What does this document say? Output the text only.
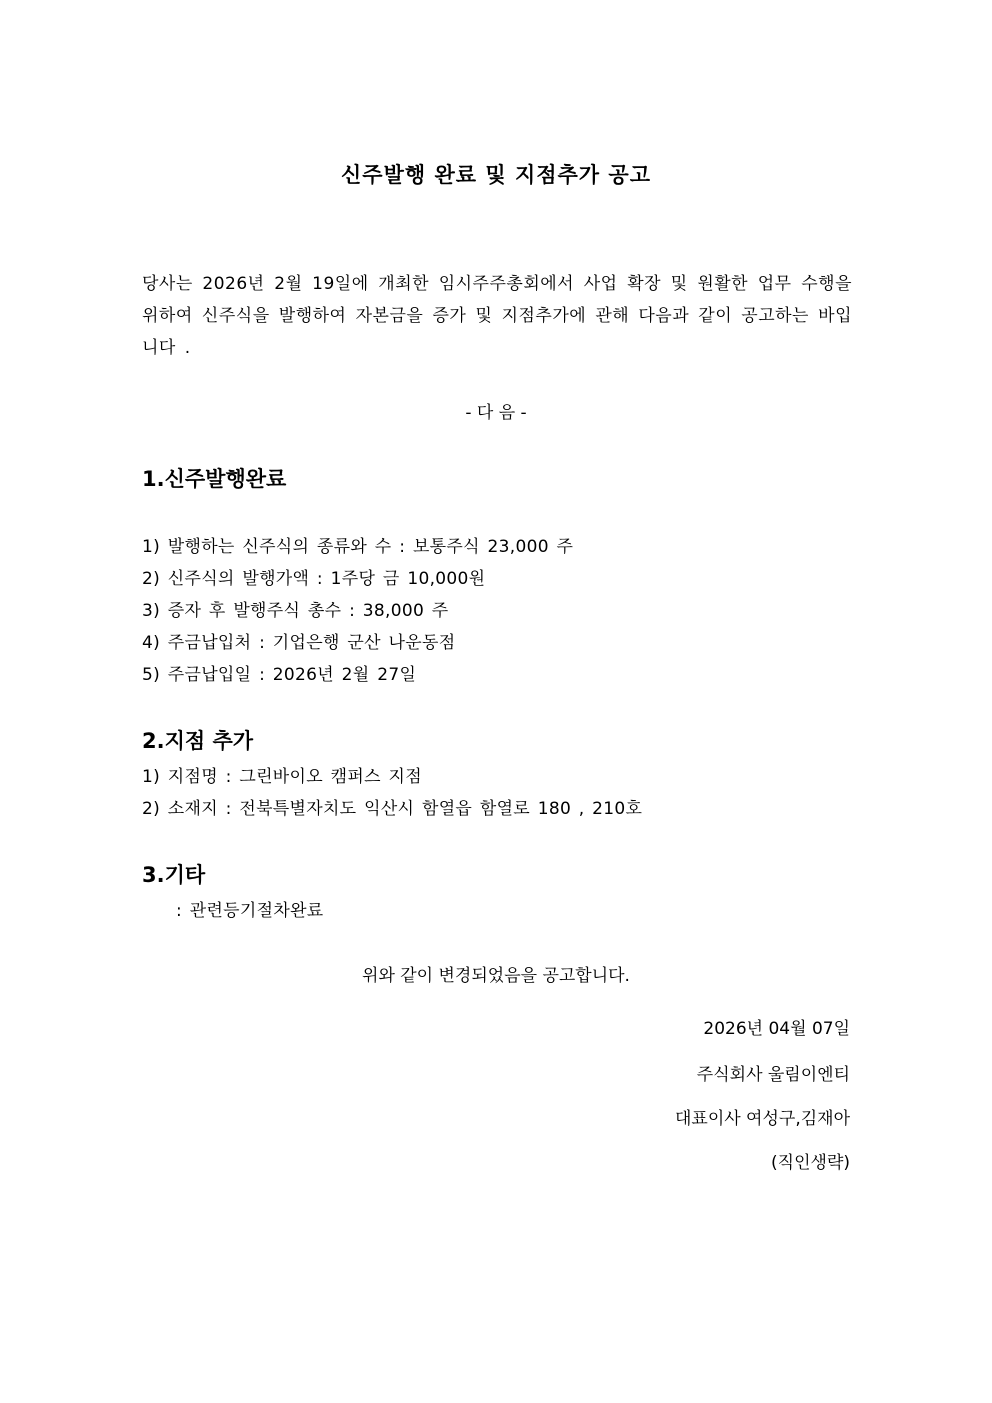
신주발행 완료 및 지점추가 공고
당사는 2026년 2월 19일에 개최한 임시주주총회에서 사업 확장 및 원활한 업무 수행을 위하여 신주식을 발행하여 자본금을 증가 및 지점추가에 관해 다음과 같이 공고하는 바입니다 .
- 다 음 -
1.신주발행완료
1) 발행하는 신주식의 종류와 수 : 보통주식 23,000 주
2) 신주식의 발행가액 : 1주당 금 10,000원
3) 증자 후 발행주식 총수 : 38,000 주
4) 주금납입처 : 기업은행 군산 나운동점
5) 주금납입일 : 2026년 2월 27일
2.지점 추가
1) 지점명 : 그린바이오 캠퍼스 지점
2) 소재지 : 전북특별자치도 익산시 함열읍 함열로 180 , 210호
3.기타
: 관련등기절차완료
위와 같이 변경되었음을 공고합니다.
2026년 04월 07일
주식회사 울림이엔티
대표이사 여성구,김재아
(직인생략)
